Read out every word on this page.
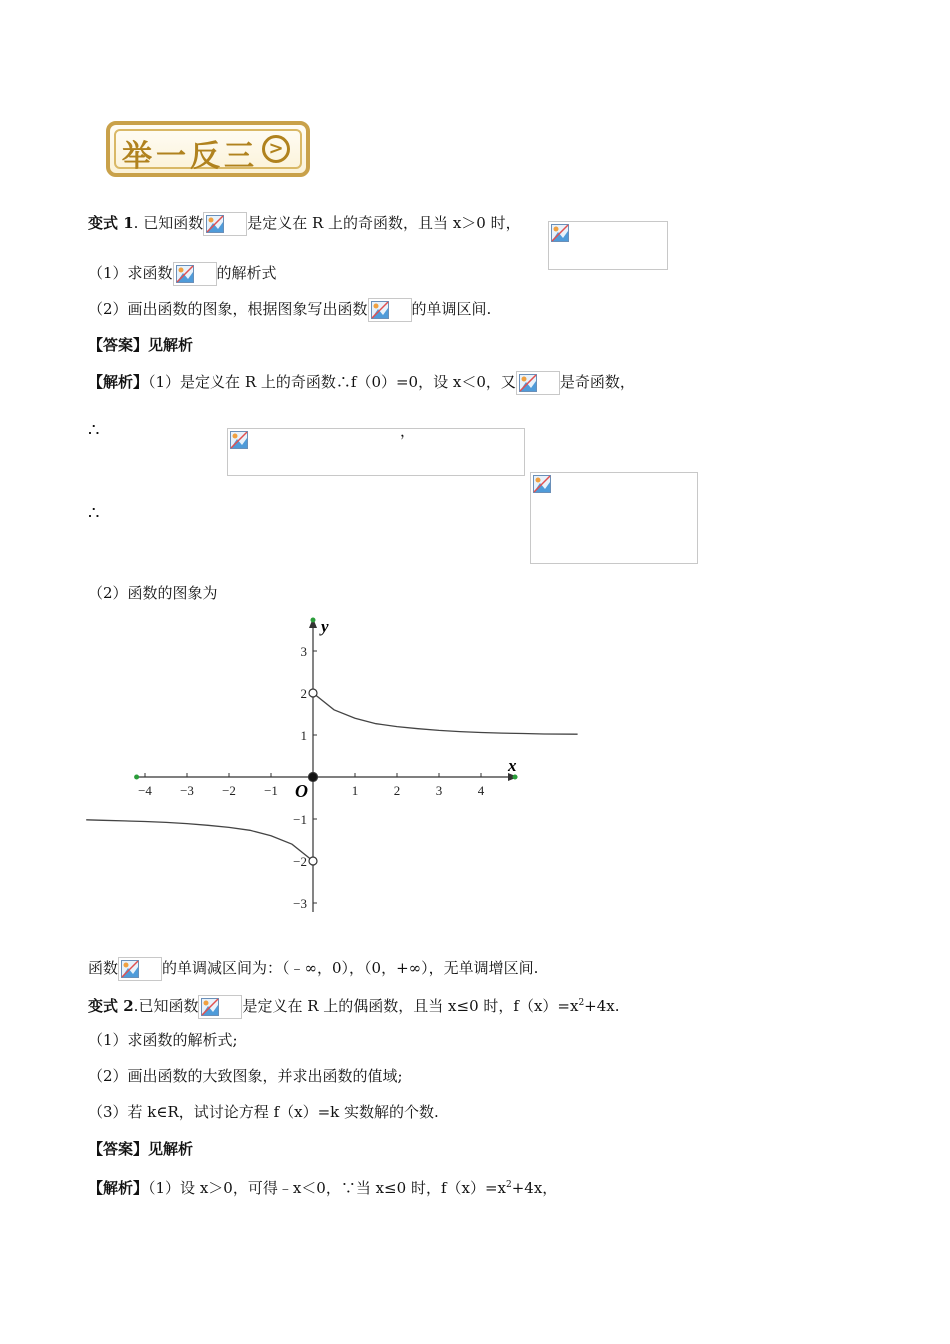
举一反三 >
变式 1. 已知函数	是定义在 R 上的奇函数，且当 x＞0 时，

（1）求函数	的解析式
（2）画出函数的图象，根据图象写出函数	的单调区间.
【答案】见解析
【解析】（1）是定义在 R 上的奇函数∴f（0）=0，设 x＜0，又	是奇函数，
∴
	，
∴
（2）函数的图象为
−4 −3 −2 −1	1	2	3	4
3
2
1
−1
−2
−3
x
y
O
函数	的单调减区间为：（﹣∞，0），（0，+∞），无单调增区间.
变式 2.已知函数	是定义在 R 上的偶函数，且当 x≤0 时，$f(x)=x^2+4x$.
（1）求函数的解析式;
（2）画出函数的大致图象，并求出函数的值域;
（3）若 k∈R，试讨论方程 f（x）=k 实数解的个数.
【答案】见解析
【解析】（1）设 x＞0，可得﹣x＜0，∵当 x≤0 时，$f(x)=x^2+4x$，
